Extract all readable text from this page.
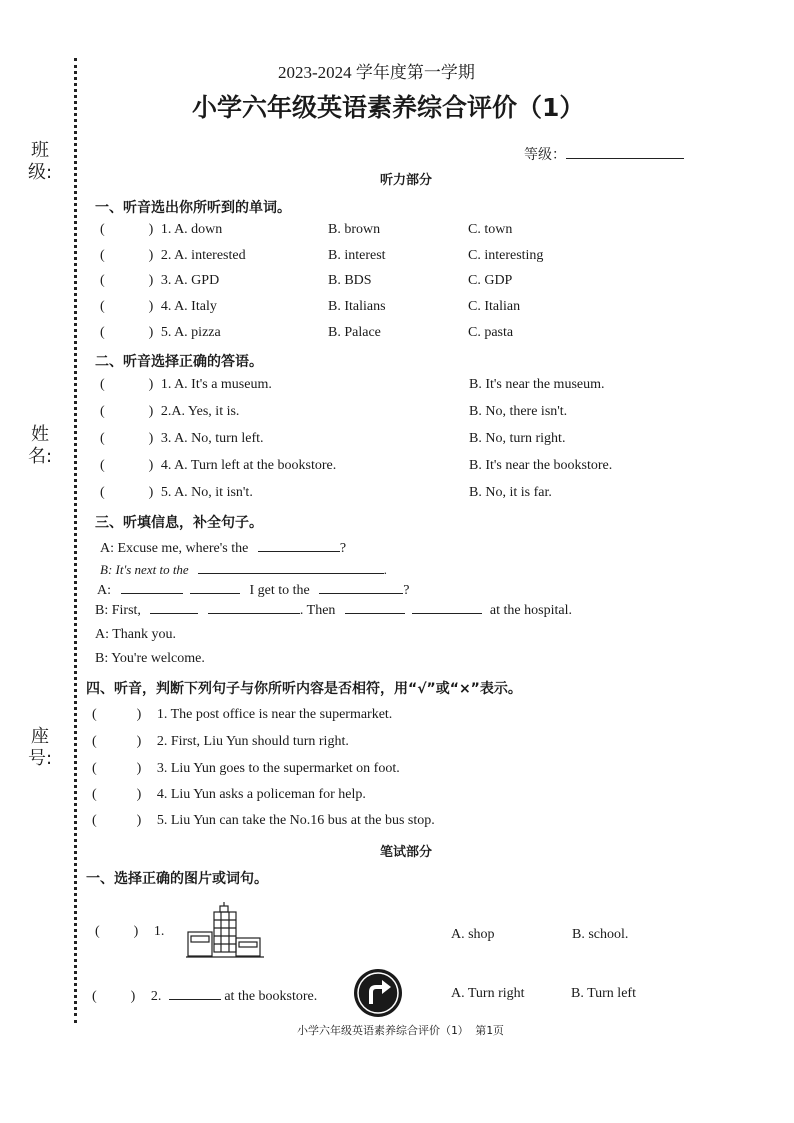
班级:
姓名:
座号:
2023-2024 学年度第一学期
小学六年级英语素养综合评价（1）
等级：
听力部分
一、听音选出你所听到的单词。
(	) 1. A. down	B. brown	C. town
(	) 2. A. interested	B. interest	C. interesting
(	) 3. A. GPD	B. BDS	C. GDP
(	) 4. A. Italy	B. Italians	C. Italian
(	) 5. A. pizza	B. Palace	C. pasta
二、听音选择正确的答语。
(	) 1. A. It's a museum.	B. It's near the museum.
(	) 2.A. Yes, it is.	B. No, there isn't.
(	) 3. A. No, turn left.	B. No, turn right.
(	) 4. A. Turn left at the bookstore.	B. It's near the bookstore.
(	) 5. A. No, it isn't.	B. No, it is far.
三、听填信息，补全句子。
A: Excuse me, where's the	?
B: It's next to the	.
A:	I get to the	?
B: First,	. Then	at the hospital.
A: Thank you.
B: You're welcome.
四、听音，判断下列句子与你所听内容是否相符，用“√”或“×”表示。
(	) 1. The post office is near the supermarket.
(	) 2. First, Liu Yun should turn right.
(	) 3. Liu Yun goes to the supermarket on foot.
(	) 4. Liu Yun asks a policeman for help.
(	) 5. Liu Yun can take the No.16 bus at the bus stop.
笔试部分
一、选择正确的图片或词句。
( ) 1.	A. shop	B. school.
( ) 2.	at the bookstore.	A. Turn right	B. Turn left
小学六年级英语素养综合评价（1） 第1页
